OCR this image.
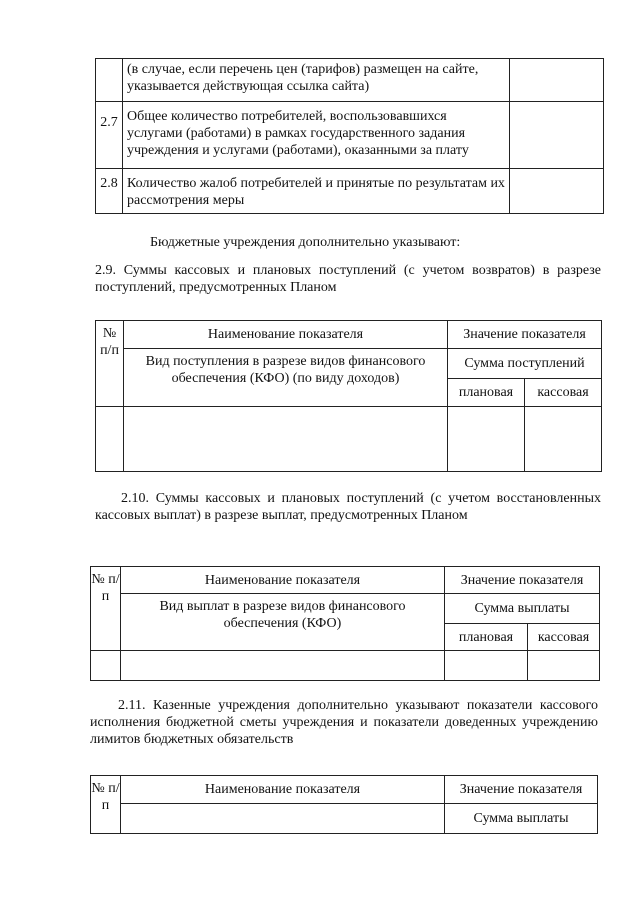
	(в случае, если перечень цен (тарифов) размещен на сайте, указывается действующая ссылка сайта)	
2.7	Общее количество потребителей, воспользовавшихся услугами (работами) в рамках государственного задания учреждения и услугами (работами), оказанными за плату	
2.8	Количество жалоб потребителей и принятые по результатам их рассмотрения меры	
Бюджетные учреждения дополнительно указывают:
2.9. Суммы кассовых и плановых поступлений (с учетом возвратов) в разрезе поступлений, предусмотренных Планом
№ п/п	Наименование показателя	Значение показателя	
	Вид поступления в разрезе видов финансового обеспечения (КФО) (по виду доходов)	Сумма поступлений	
		плановая	кассовая

2.10. Суммы кассовых и плановых поступлений (с учетом восстановленных кассовых выплат) в разрезе выплат, предусмотренных Планом
№ п/п	Наименование показателя	Значение показателя	
	Вид выплат в разрезе видов финансового обеспечения (КФО)	Сумма выплаты	
		плановая	кассовая

2.11. Казенные учреждения дополнительно указывают показатели кассового исполнения бюджетной сметы учреждения и показатели доведенных учреждению лимитов бюджетных обязательств
№ п/п	Наименование показателя	Значение показателя
		Сумма выплаты
